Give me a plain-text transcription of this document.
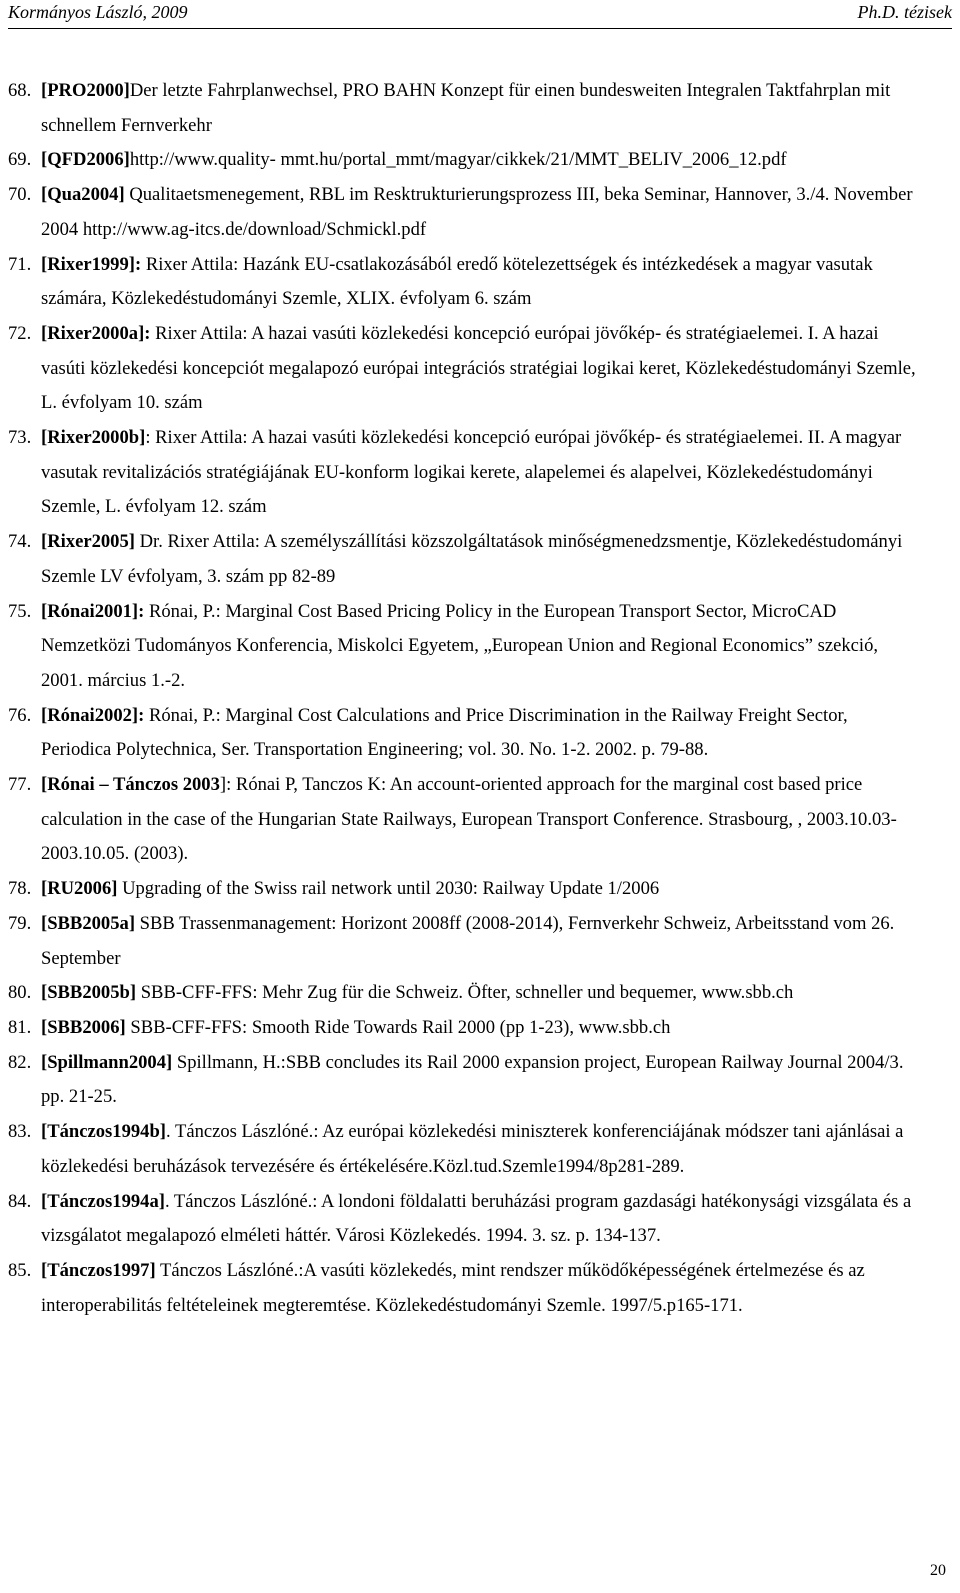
Kormányos László, 2009	Ph.D. tézisek
68. [PRO2000]Der letzte Fahrplanwechsel, PRO BAHN Konzept für einen bundesweiten Integralen Taktfahrplan mit schnellem Fernverkehr
69. [QFD2006]http://www.quality- mmt.hu/portal_mmt/magyar/cikkek/21/MMT_BELIV_2006_12.pdf
70. [Qua2004] Qualitaetsmenegement, RBL im Resktrukturierungsprozess III, beka Seminar, Hannover, 3./4. November 2004 http://www.ag-itcs.de/download/Schmickl.pdf
71. [Rixer1999]: Rixer Attila: Hazánk EU-csatlakozásából eredő kötelezettségek és intézkedések a magyar vasutak számára, Közlekedéstudományi Szemle, XLIX. évfolyam 6. szám
72. [Rixer2000a]: Rixer Attila: A hazai vasúti közlekedési koncepció európai jövőkép- és stratégiaelemei. I. A hazai vasúti közlekedési koncepciót megalapozó európai integrációs stratégiai logikai keret, Közlekedéstudományi Szemle, L. évfolyam 10. szám
73. [Rixer2000b]: Rixer Attila: A hazai vasúti közlekedési koncepció európai jövőkép- és stratégiaelemei. II. A magyar vasutak revitalizációs stratégiájának EU-konform logikai kerete, alapelemei és alapelvei, Közlekedéstudományi Szemle, L. évfolyam 12. szám
74. [Rixer2005] Dr. Rixer Attila: A személyszállítási közszolgáltatások minőségmenedzsmentje, Közlekedéstudományi Szemle LV évfolyam, 3. szám pp 82-89
75. [Rónai2001]: Rónai, P.: Marginal Cost Based Pricing Policy in the European Transport Sector, MicroCAD Nemzetközi Tudományos Konferencia, Miskolci Egyetem, „European Union and Regional Economics” szekció, 2001. március 1.-2.
76. [Rónai2002]: Rónai, P.: Marginal Cost Calculations and Price Discrimination in the Railway Freight Sector, Periodica Polytechnica, Ser. Transportation Engineering; vol. 30. No. 1-2. 2002. p. 79-88.
77. [Rónai – Tánczos 2003]: Rónai P, Tanczos K: An account-oriented approach for the marginal cost based price calculation in the case of the Hungarian State Railways, European Transport Conference. Strasbourg, , 2003.10.03-2003.10.05. (2003).
78. [RU2006] Upgrading of the Swiss rail network until 2030: Railway Update 1/2006
79. [SBB2005a] SBB Trassenmanagement: Horizont 2008ff (2008-2014), Fernverkehr Schweiz, Arbeitsstand vom 26. September
80. [SBB2005b] SBB-CFF-FFS: Mehr Zug für die Schweiz. Öfter, schneller und bequemer, www.sbb.ch
81. [SBB2006] SBB-CFF-FFS: Smooth Ride Towards Rail 2000 (pp 1-23), www.sbb.ch
82. [Spillmann2004] Spillmann, H.:SBB concludes its Rail 2000 expansion project, European Railway Journal 2004/3. pp. 21-25.
83. [Tánczos1994b]. Tánczos Lászlóné.: Az európai közlekedési miniszterek konferenciájának módszer tani ajánlásai a közlekedési beruházások tervezésére és értékelésére.Közl.tud.Szemle1994/8p281-289.
84. [Tánczos1994a]. Tánczos Lászlóné.: A londoni földalatti beruházási program gazdasági hatékonysági vizsgálata és a vizsgálatot megalapozó elméleti háttér. Városi Közlekedés. 1994. 3. sz. p. 134-137.
85. [Tánczos1997] Tánczos Lászlóné.:A vasúti közlekedés, mint rendszer működőképességének értelmezése és az interoperabilitás feltételeinek megteremtése. Közlekedéstudományi Szemle. 1997/5.p165-171.
20
